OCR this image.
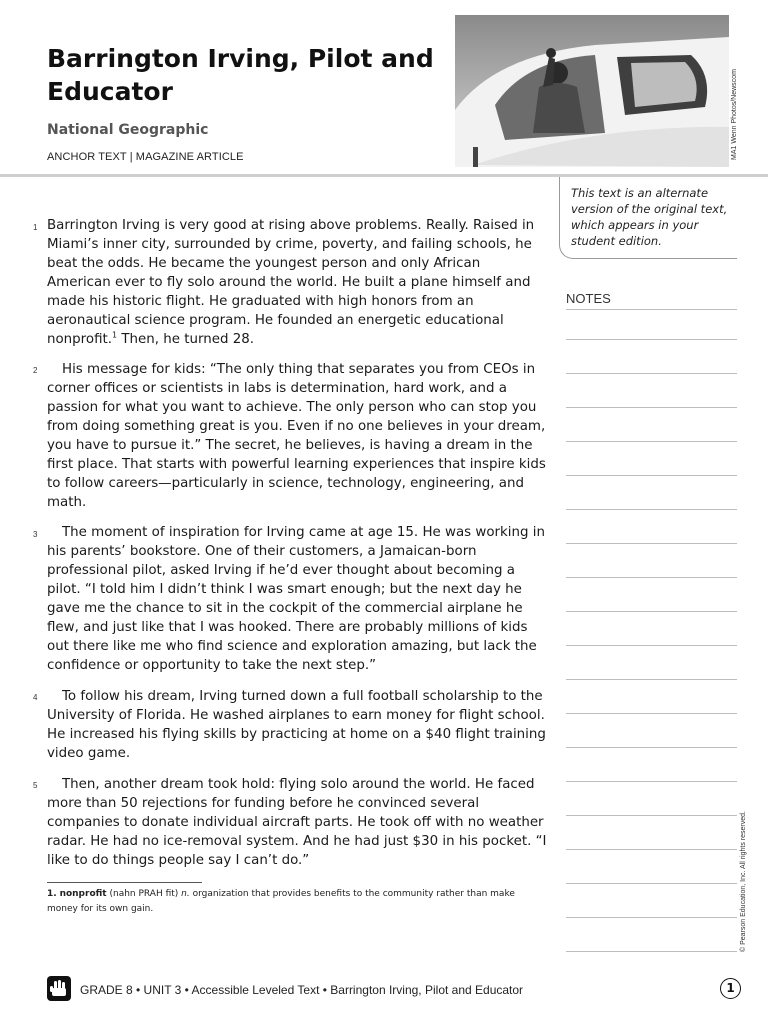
Barrington Irving, Pilot and Educator

National Geographic

ANCHOR TEXT | MAGAZINE ARTICLE	MA1 Wenn Photos/Newscom
This text is an alternate version of the original text, which appears in your student edition.
NOTES
1 Barrington Irving is very good at rising above problems. Really. Raised in Miami’s inner city, surrounded by crime, poverty, and failing schools, he beat the odds. He became the youngest person and only African American ever to fly solo around the world. He built a plane himself and made his historic flight. He graduated with high honors from an aeronautical science program. He founded an energetic educational nonprofit.$^1$ Then, he turned 28.

2	His message for kids: “The only thing that separates you from CEOs in corner offices or scientists in labs is determination, hard work, and a passion for what you want to achieve. The only person who can stop you from doing something great is you. Even if no one believes in your dream, you have to pursue it.” The secret, he believes, is having a dream in the first place. That starts with powerful learning experiences that inspire kids to follow careers—particularly in science, technology, engineering, and math.

3	The moment of inspiration for Irving came at age 15. He was working in his parents’ bookstore. One of their customers, a Jamaican-born professional pilot, asked Irving if he’d ever thought about becoming a pilot. “I told him I didn’t think I was smart enough; but the next day he gave me the chance to sit in the cockpit of the commercial airplane he flew, and just like that I was hooked. There are probably millions of kids out there like me who find science and exploration amazing, but lack the confidence or opportunity to take the next step.”

4	To follow his dream, Irving turned down a full football scholarship to the University of Florida. He washed airplanes to earn money for flight school. He increased his flying skills by practicing at home on a $40 flight training video game.

5	Then, another dream took hold: flying solo around the world. He faced more than 50 rejections for funding before he convinced several companies to donate individual aircraft parts. He took off with no weather radar. He had no ice-removal system. And he had just $30 in his pocket. “I like to do things people say I can’t do.”

1. nonprofit (nahn PRAH fit) n. organization that provides benefits to the community rather than make money for its own gain.	© Pearson Education, Inc. All rights reserved.
GRADE 8 • UNIT 3 • Accessible Leveled Text • Barrington Irving, Pilot and Educator	1
